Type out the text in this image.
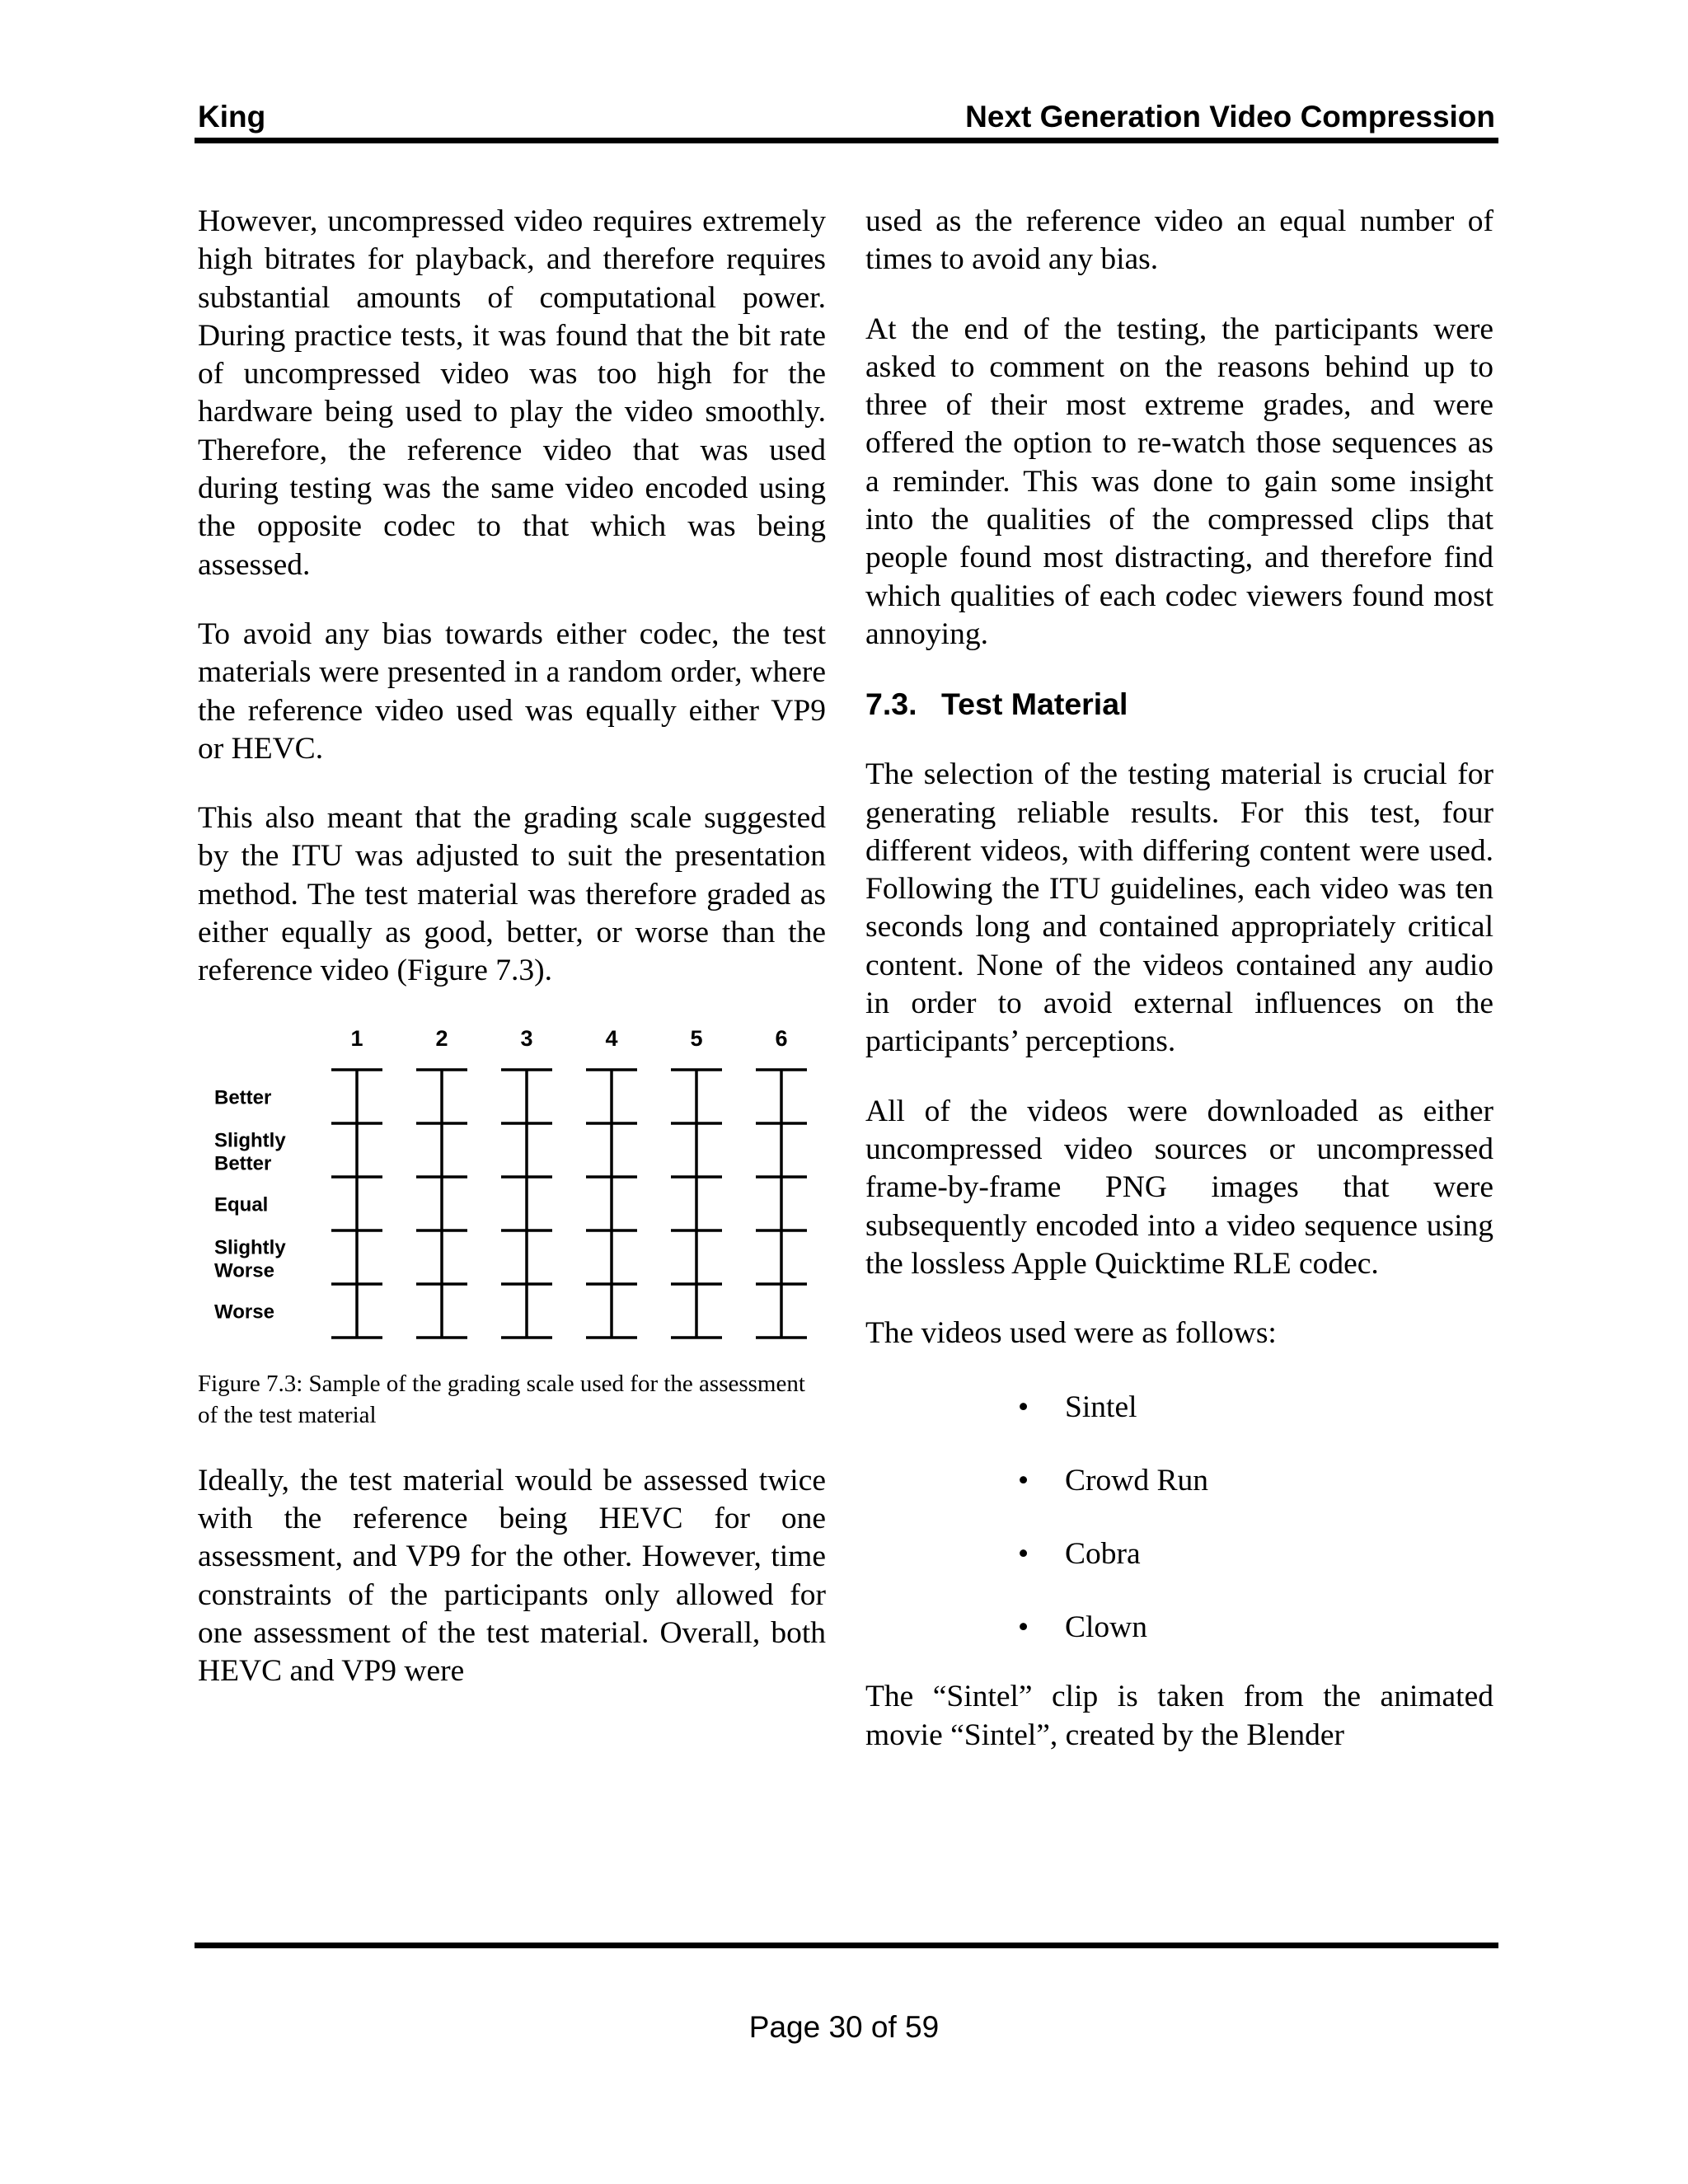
King	Next Generation Video Compression

However, uncompressed video requires extremely high bitrates for playback, and therefore requires substantial amounts of computational power. During practice tests, it was found that the bit rate of uncompressed video was too high for the hardware being used to play the video smoothly. Therefore, the reference video that was used during testing was the same video encoded using the opposite codec to that which was being assessed.

To avoid any bias towards either codec, the test materials were presented in a random order, where the reference video used was equally either VP9 or HEVC.

This also meant that the grading scale suggested by the ITU was adjusted to suit the presentation method. The test material was therefore graded as either equally as good, better, or worse than the reference video (Figure 7.3).

1	2	3	4	5	6
Better
Slightly
Better
Equal
Slightly
Worse
Worse

Figure 7.3: Sample of the grading scale used for the assessment of the test material

Ideally, the test material would be assessed twice with the reference being HEVC for one assessment, and VP9 for the other. However, time constraints of the participants only allowed for one assessment of the test material. Overall, both HEVC and VP9 were

used as the reference video an equal number of times to avoid any bias.

At the end of the testing, the participants were asked to comment on the reasons behind up to three of their most extreme grades, and were offered the option to re-watch those sequences as a reminder. This was done to gain some insight into the qualities of the compressed clips that people found most distracting, and therefore find which qualities of each codec viewers found most annoying.

7.3. Test Material

The selection of the testing material is crucial for generating reliable results. For this test, four different videos, with differing content were used. Following the ITU guidelines, each video was ten seconds long and contained appropriately critical content. None of the videos contained any audio in order to avoid external influences on the participants’ perceptions.

All of the videos were downloaded as either uncompressed video sources or uncompressed frame-by-frame PNG images that were subsequently encoded into a video sequence using the lossless Apple Quicktime RLE codec.

The videos used were as follows:

• Sintel
• Crowd Run
• Cobra
• Clown

The “Sintel” clip is taken from the animated movie “Sintel”, created by the Blender

Page 30 of 59
